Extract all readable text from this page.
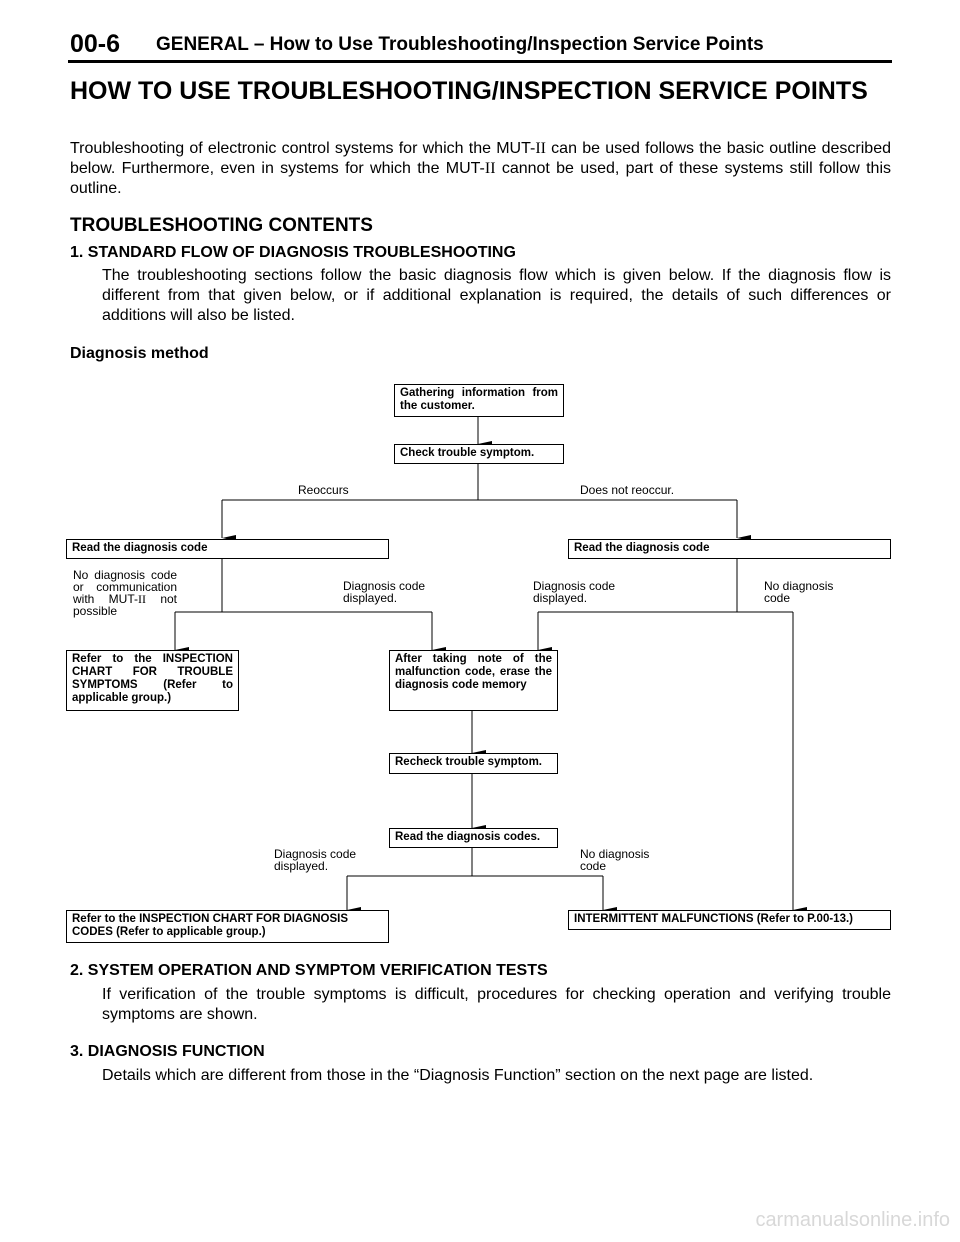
00-6 GENERAL – How to Use Troubleshooting/Inspection Service Points
HOW TO USE TROUBLESHOOTING/INSPECTION SERVICE POINTS
Troubleshooting of electronic control systems for which the MUT-II can be used follows the basic outline described below. Furthermore, even in systems for which the MUT-II cannot be used, part of these systems still follow this outline.
TROUBLESHOOTING CONTENTS
1. STANDARD FLOW OF DIAGNOSIS TROUBLESHOOTING
The troubleshooting sections follow the basic diagnosis flow which is given below. If the diagnosis flow is different from that given below, or if additional explanation is required, the details of such differences or additions will also be listed.
Diagnosis method
Gathering information from the customer.
Check trouble symptom.
Read the diagnosis code	Read the diagnosis code
Refer to the INSPECTION CHART FOR TROUBLE SYMPTOMS (Refer to applicable group.)
After taking note of the malfunction code, erase the diagnosis code memory
Recheck trouble symptom.
Read the diagnosis codes.
Refer to the INSPECTION CHART FOR DIAGNOSIS CODES (Refer to applicable group.)
INTERMITTENT MALFUNCTIONS (Refer to P.00-13.)
Reoccurs	Does not reoccur.
No diagnosis code or communication with MUT-II not possible
Diagnosis code displayed.
Diagnosis code displayed.
No diagnosis code
Diagnosis code displayed.
No diagnosis code
2. SYSTEM OPERATION AND SYMPTOM VERIFICATION TESTS
If verification of the trouble symptoms is difficult, procedures for checking operation and verifying trouble symptoms are shown.
3. DIAGNOSIS FUNCTION
Details which are different from those in the “Diagnosis Function” section on the next page are listed.
carmanualsonline.info
